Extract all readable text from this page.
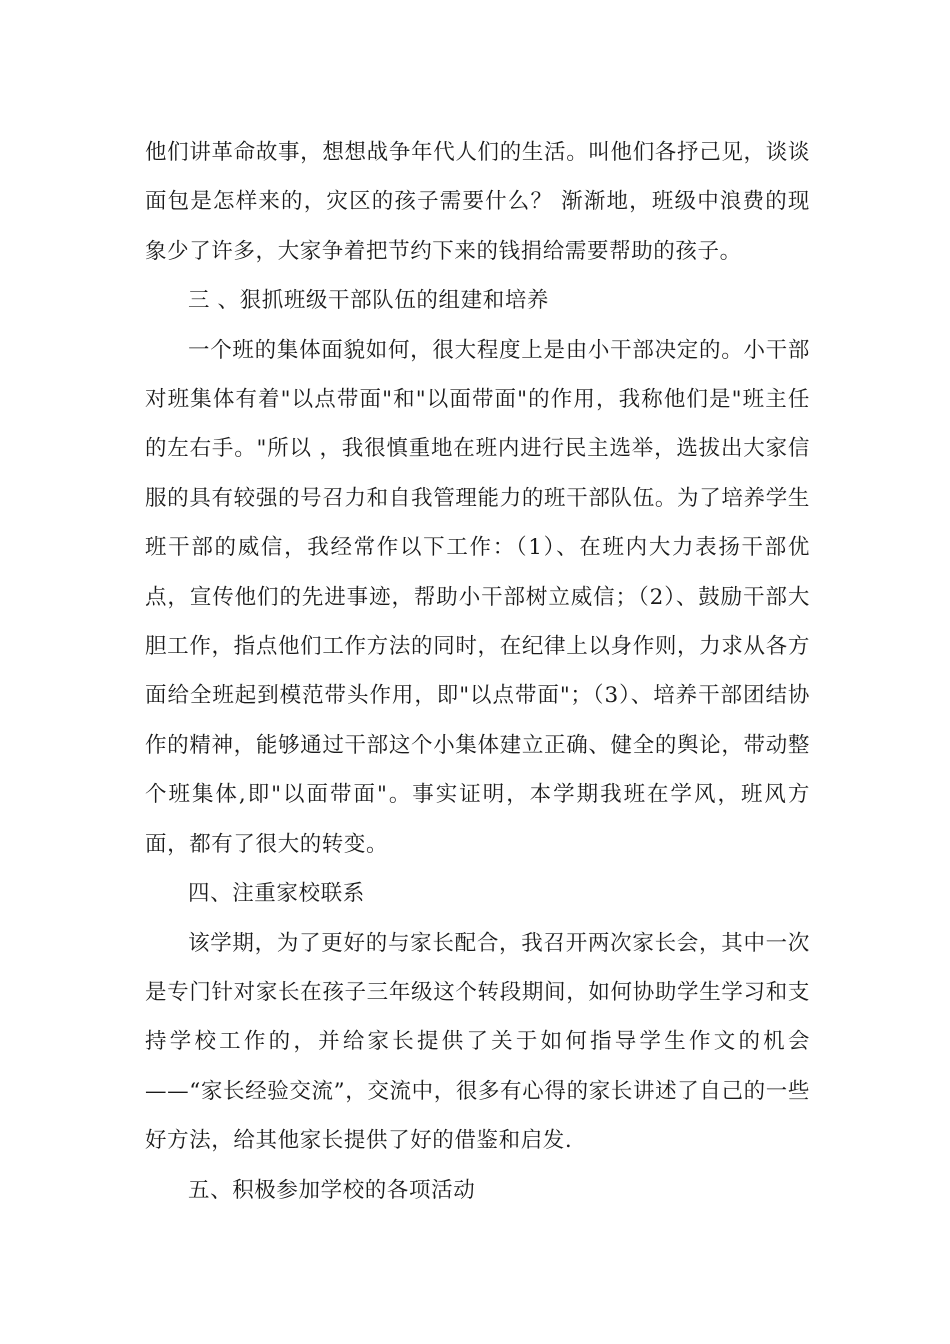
他们讲革命故事，想想战争年代人们的生活。叫他们各抒己见，谈谈面包是怎样来的，灾区的孩子需要什么？ 渐渐地，班级中浪费的现象少了许多，大家争着把节约下来的钱捐给需要帮助的孩子。

三 、狠抓班级干部队伍的组建和培养

一个班的集体面貌如何，很大程度上是由小干部决定的。小干部对班集体有着"以点带面"和"以面带面"的作用，我称他们是"班主任的左右手。"所以 ，我很慎重地在班内进行民主选举，选拔出大家信服的具有较强的号召力和自我管理能力的班干部队伍。为了培养学生班干部的威信，我经常作以下工作：（1）、在班内大力表扬干部优点，宣传他们的先进事迹，帮助小干部树立威信；（2）、鼓励干部大胆工作，指点他们工作方法的同时，在纪律上以身作则，力求从各方面给全班起到模范带头作用，即"以点带面"；（3）、培养干部团结协作的精神，能够通过干部这个小集体建立正确、健全的舆论，带动整个班集体,即"以面带面"。事实证明，本学期我班在学风，班风方面，都有了很大的转变。

四、注重家校联系

该学期，为了更好的与家长配合，我召开两次家长会，其中一次是专门针对家长在孩子三年级这个转段期间，如何协助学生学习和支持学校工作的，并给家长提供了关于如何指导学生作文的机会——“家长经验交流”，交流中，很多有心得的家长讲述了自己的一些好方法，给其他家长提供了好的借鉴和启发.

五、积极参加学校的各项活动
